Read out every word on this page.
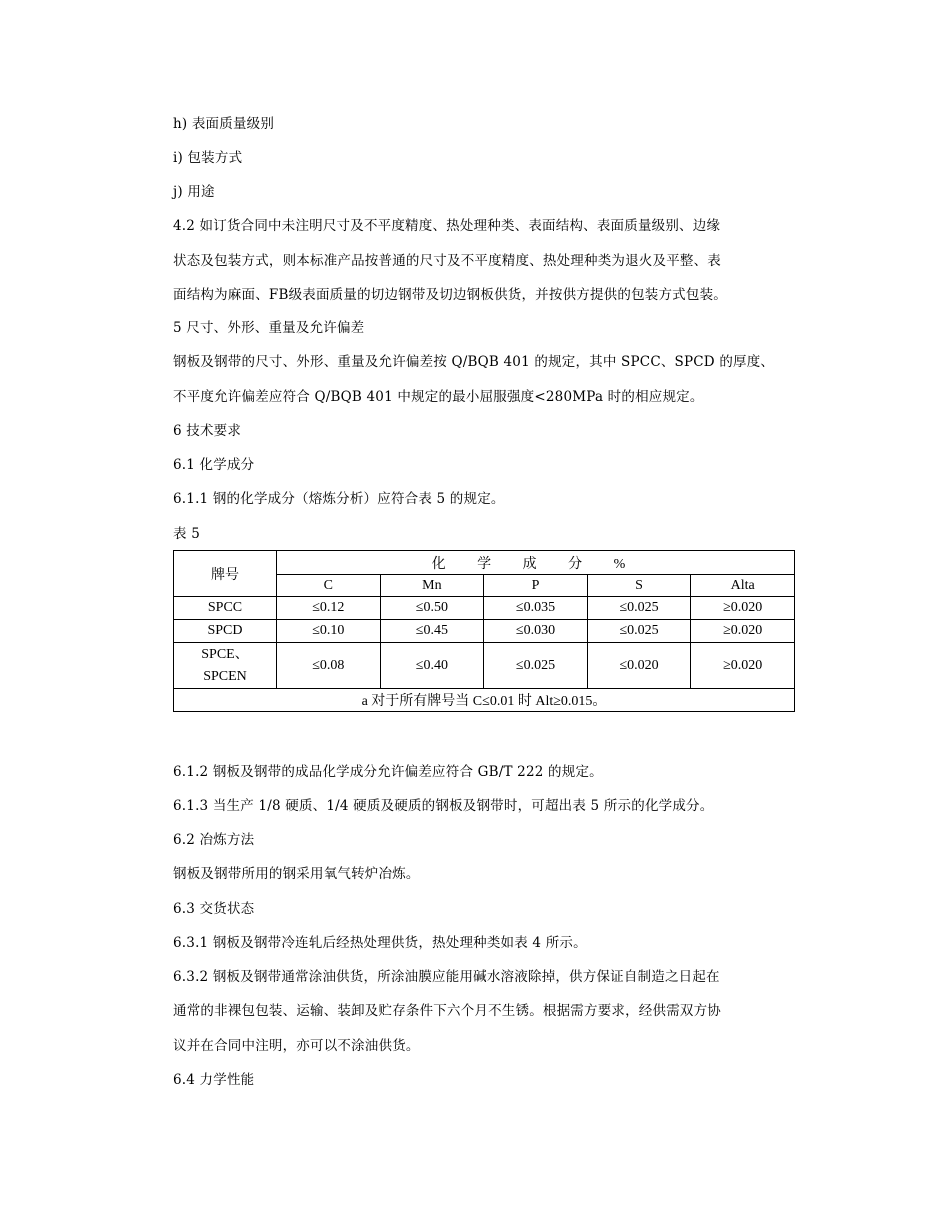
h) 表面质量级别
i) 包装方式
j) 用途
4.2 如订货合同中未注明尺寸及不平度精度、热处理种类、表面结构、表面质量级别、边缘
状态及包装方式，则本标准产品按普通的尺寸及不平度精度、热处理种类为退火及平整、表
面结构为麻面、FB级表面质量的切边钢带及切边钢板供货，并按供方提供的包装方式包装。
5 尺寸、外形、重量及允许偏差
钢板及钢带的尺寸、外形、重量及允许偏差按 Q/BQB 401 的规定，其中 SPCC、SPCD 的厚度、
不平度允许偏差应符合 Q/BQB 401 中规定的最小屈服强度<280MPa 时的相应规定。
6 技术要求
6.1 化学成分
6.1.1 钢的化学成分（熔炼分析）应符合表 5 的规定。
表 5
牌号	化 学 成 分 %				
	C	Mn	P	S	Alta
SPCC	≤0.12	≤0.50	≤0.035	≤0.025	≥0.020
SPCD	≤0.10	≤0.45	≤0.030	≤0.025	≥0.020
SPCE、
SPCEN	≤0.08	≤0.40	≤0.025	≤0.020	≥0.020
a 对于所有牌号当 C≤0.01 时 Alt≥0.015。					
6.1.2 钢板及钢带的成品化学成分允许偏差应符合 GB/T 222 的规定。
6.1.3 当生产 1/8 硬质、1/4 硬质及硬质的钢板及钢带时，可超出表 5 所示的化学成分。
6.2 冶炼方法
钢板及钢带所用的钢采用氧气转炉冶炼。
6.3 交货状态
6.3.1 钢板及钢带冷连轧后经热处理供货，热处理种类如表 4 所示。
6.3.2 钢板及钢带通常涂油供货，所涂油膜应能用碱水溶液除掉，供方保证自制造之日起在
通常的非裸包包装、运输、装卸及贮存条件下六个月不生锈。根据需方要求，经供需双方协
议并在合同中注明，亦可以不涂油供货。
6.4 力学性能
